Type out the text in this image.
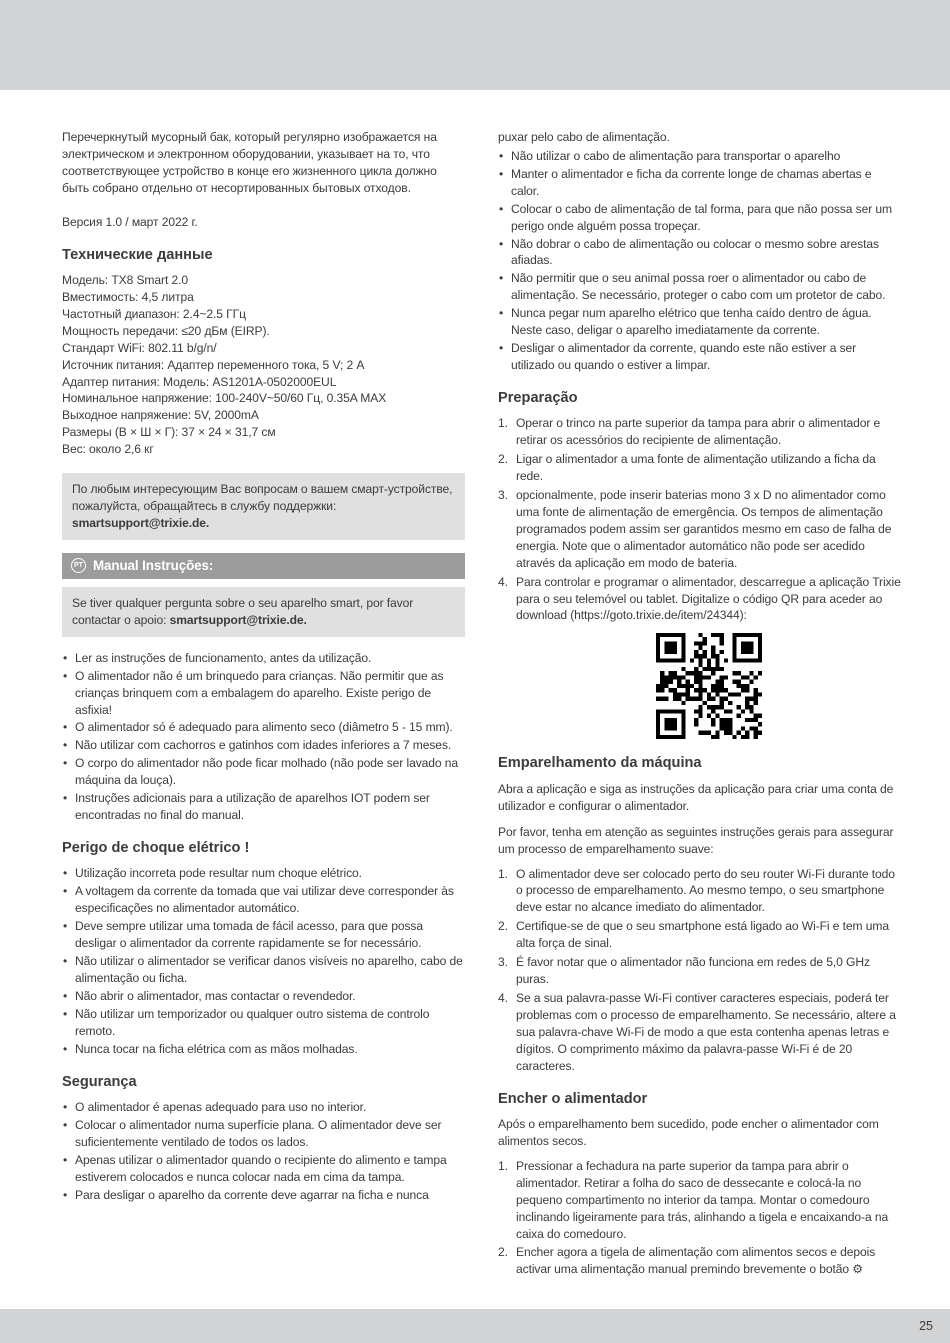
Перечеркнутый мусорный бак, который регулярно изображается на электрическом и электронном оборудовании, указывает на то, что соответствующее устройство в конце его жизненного цикла должно быть собрано отдельно от несортированных бытовых отходов.

Версия 1.0 / март 2022 г.

Технические данные
Модель: TX8 Smart 2.0
Вместимость: 4,5 литра
Частотный диапазон: 2.4~2.5 ГГц
Мощность передачи: ≤20 дБм (EIRP).
Стандарт WiFi: 802.11 b/g/n/
Источник питания: Адаптер переменного тока, 5 V; 2 А
Адаптер питания: Модель: AS1201A-0502000EUL
Номинальное напряжение: 100-240V~50/60 Гц, 0.35A MAX
Выходное напряжение: 5V, 2000mA
Размеры (В × Ш × Г): 37 × 24 × 31,7 см
Вес: около 2,6 кг
По любым интересующим Вас вопросам о вашем смарт-устройстве, пожалуйста, обращайтесь в службу поддержки: smartsupport@trixie.de.
PT Manual Instruções:
Se tiver qualquer pergunta sobre o seu aparelho smart, por favor contactar o apoio: smartsupport@trixie.de.
• Ler as instruções de funcionamento, antes da utilização.
• O alimentador não é um brinquedo para crianças. Não permitir que as crianças brinquem com a embalagem do aparelho. Existe perigo de asfixia!
• O alimentador só é adequado para alimento seco (diâmetro 5 - 15 mm).
• Não utilizar com cachorros e gatinhos com idades inferiores a 7 meses.
• O corpo do alimentador não pode ficar molhado (não pode ser lavado na máquina da louça).
• Instruções adicionais para a utilização de aparelhos IOT podem ser encontradas no final do manual.
Perigo de choque elétrico !
• Utilização incorreta pode resultar num choque elétrico.
• A voltagem da corrente da tomada que vai utilizar deve corresponder às especificações no alimentador automático.
• Deve sempre utilizar uma tomada de fácil acesso, para que possa desligar o alimentador da corrente rapidamente se for necessário.
• Não utilizar o alimentador se verificar danos visíveis no aparelho, cabo de alimentação ou ficha.
• Não abrir o alimentador, mas contactar o revendedor.
• Não utilizar um temporizador ou qualquer outro sistema de controlo remoto.
• Nunca tocar na ficha elétrica com as mãos molhadas.
Segurança
• O alimentador é apenas adequado para uso no interior.
• Colocar o alimentador numa superfície plana. O alimentador deve ser suficientemente ventilado de todos os lados.
• Apenas utilizar o alimentador quando o recipiente do alimento e tampa estiverem colocados e nunca colocar nada em cima da tampa.
• Para desligar o aparelho da corrente deve agarrar na ficha e nunca

puxar pelo cabo de alimentação.

• Não utilizar o cabo de alimentação para transportar o aparelho
• Manter o alimentador e ficha da corrente longe de chamas abertas e calor.
• Colocar o cabo de alimentação de tal forma, para que não possa ser um perigo onde alguém possa tropeçar.
• Não dobrar o cabo de alimentação ou colocar o mesmo sobre arestas afiadas.
• Não permitir que o seu animal possa roer o alimentador ou cabo de alimentação. Se necessário, proteger o cabo com um protetor de cabo.
• Nunca pegar num aparelho elétrico que tenha caído dentro de água. Neste caso, deligar o aparelho imediatamente da corrente.
• Desligar o alimentador da corrente, quando este não estiver a ser utilizado ou quando o estiver a limpar.
Preparação
Operar o trinco na parte superior da tampa para abrir o alimentador e retirar os acessórios do recipiente de alimentação.
Ligar o alimentador a uma fonte de alimentação utilizando a ficha da rede.
opcionalmente, pode inserir baterias mono 3 x D no alimentador como uma fonte de alimentação de emergência. Os tempos de alimentação programados podem assim ser garantidos mesmo em caso de falha de energia. Note que o alimentador automático não pode ser acedido através da aplicação em modo de bateria.
Para controlar e programar o alimentador, descarregue a aplicação Trixie para o seu telemóvel ou tablet. Digitalize o código QR para aceder ao download (https://goto.trixie.de/item/24344):
Emparelhamento da máquina

Abra a aplicação e siga as instruções da aplicação para criar uma conta de utilizador e configurar o alimentador.

Por favor, tenha em atenção as seguintes instruções gerais para assegurar um processo de emparelhamento suave:

O alimentador deve ser colocado perto do seu router Wi-Fi durante todo o processo de emparelhamento. Ao mesmo tempo, o seu smartphone deve estar no alcance imediato do alimentador.
Certifique-se de que o seu smartphone está ligado ao Wi-Fi e tem uma alta força de sinal.
É favor notar que o alimentador não funciona em redes de 5,0 GHz puras.
Se a sua palavra-passe Wi-Fi contiver caracteres especiais, poderá ter problemas com o processo de emparelhamento. Se necessário, altere a sua palavra-chave Wi-Fi de modo a que esta contenha apenas letras e dígitos. O comprimento máximo da palavra-passe Wi-Fi é de 20 caracteres.
Encher o alimentador

Após o emparelhamento bem sucedido, pode encher o alimentador com alimentos secos.

Pressionar a fechadura na parte superior da tampa para abrir o alimentador. Retirar a folha do saco de dessecante e colocá-la no pequeno compartimento no interior da tampa. Montar o comedouro inclinando ligeiramente para trás, alinhando a tigela e encaixando-a na caixa do comedouro.
Encher agora a tigela de alimentação com alimentos secos e depois activar uma alimentação manual premindo brevemente o botão ⚙
25
